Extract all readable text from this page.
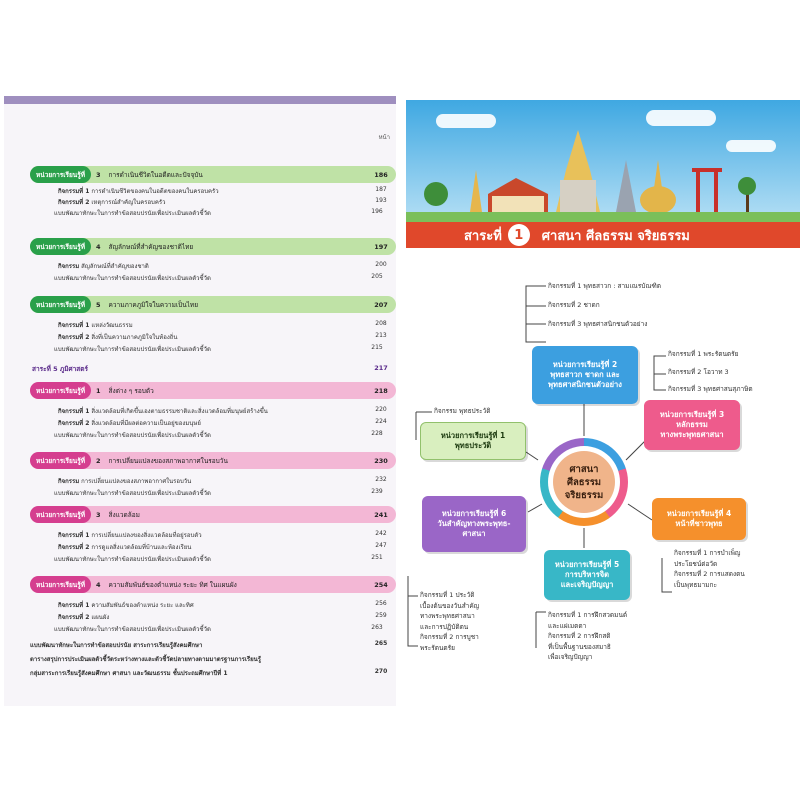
หน้า
หน่วยการเรียนรู้ที่	3 การดำเนินชีวิตในอดีตและปัจจุบัน	186
กิจกรรมที่ 1 การดำเนินชีวิตของคนในอดีตของคนในครอบครัว	187
กิจกรรมที่ 2 เหตุการณ์สำคัญในครอบครัว	193
แบบพัฒนาทักษะในการทำข้อสอบปรนัยเพื่อประเมินผลตัวชี้วัด	196
หน่วยการเรียนรู้ที่	4 สัญลักษณ์ที่สำคัญของชาติไทย	197
กิจกรรม สัญลักษณ์ที่สำคัญของชาติ	200
แบบพัฒนาทักษะในการทำข้อสอบปรนัยเพื่อประเมินผลตัวชี้วัด	205
หน่วยการเรียนรู้ที่	5 ความภาคภูมิใจในความเป็นไทย	207
กิจกรรมที่ 1 แหล่งวัฒนธรรม	208
กิจกรรมที่ 2 สิ่งที่เป็นความภาคภูมิใจในท้องถิ่น	213
แบบพัฒนาทักษะในการทำข้อสอบปรนัยเพื่อประเมินผลตัวชี้วัด	215
สาระที่ 5 ภูมิศาสตร์	217
หน่วยการเรียนรู้ที่	1 สิ่งต่าง ๆ รอบตัว	218
กิจกรรมที่ 1 สิ่งแวดล้อมที่เกิดขึ้นเองตามธรรมชาติและสิ่งแวดล้อมที่มนุษย์สร้างขึ้น	220
กิจกรรมที่ 2 สิ่งแวดล้อมที่มีผลต่อความเป็นอยู่ของมนุษย์	224
แบบพัฒนาทักษะในการทำข้อสอบปรนัยเพื่อประเมินผลตัวชี้วัด	228
หน่วยการเรียนรู้ที่	2 การเปลี่ยนแปลงของสภาพอากาศในรอบวัน	230
กิจกรรม การเปลี่ยนแปลงของสภาพอากาศในรอบวัน	232
แบบพัฒนาทักษะในการทำข้อสอบปรนัยเพื่อประเมินผลตัวชี้วัด	239
หน่วยการเรียนรู้ที่	3 สิ่งแวดล้อม	241
กิจกรรมที่ 1 การเปลี่ยนแปลงของสิ่งแวดล้อมที่อยู่รอบตัว	242
กิจกรรมที่ 2 การดูแลสิ่งแวดล้อมที่บ้านและห้องเรียน	247
แบบพัฒนาทักษะในการทำข้อสอบปรนัยเพื่อประเมินผลตัวชี้วัด	251
หน่วยการเรียนรู้ที่	4 ความสัมพันธ์ของตำแหน่ง ระยะ ทิศ ในแผนผัง	254
กิจกรรมที่ 1 ความสัมพันธ์ของตำแหน่ง ระยะ และทิศ	256
กิจกรรมที่ 2 แผนผัง	259
แบบพัฒนาทักษะในการทำข้อสอบปรนัยเพื่อประเมินผลตัวชี้วัด	263
แบบพัฒนาทักษะในการทำข้อสอบปรนัย สาระการเรียนรู้สังคมศึกษา	265
ตารางสรุปการประเมินผลตัวชี้วัดระหว่างทางและตัวชี้วัดปลายทางตามมาตรฐานการเรียนรู้
กลุ่มสาระการเรียนรู้สังคมศึกษา ศาสนา และวัฒนธรรม ชั้นประถมศึกษาปีที่ 1	270
สาระที่ 1	ศาสนา ศีลธรรม จริยธรรม
กิจกรรมที่ 1 พุทธสาวก : สามเณรบัณฑิต
กิจกรรมที่ 2 ชาดก
กิจกรรมที่ 3 พุทธศาสนิกชนตัวอย่าง
กิจกรรมที่ 1 พระรัตนตรัย
กิจกรรมที่ 2 โอวาท 3
กิจกรรมที่ 3 พุทธศาสนสุภาษิต
กิจกรรม พุทธประวัติ
กิจกรรมที่ 1 การบำเพ็ญ
ประโยชน์ต่อวัด
กิจกรรมที่ 2 การแสดงตน
เป็นพุทธมามกะ
กิจกรรมที่ 1 การฝึกสวดมนต์
และแผ่เมตตา
กิจกรรมที่ 2 การฝึกสติ
ที่เป็นพื้นฐานของสมาธิ
เพื่อเจริญปัญญา
กิจกรรมที่ 1 ประวัติ
เบื้องต้นของวันสำคัญ
ทางพระพุทธศาสนา
และการปฏิบัติตน
กิจกรรมที่ 2 การบูชา
พระรัตนตรัย
หน่วยการเรียนรู้ที่ 2
พุทธสาวก ชาดก และ
พุทธศาสนิกชนตัวอย่าง
หน่วยการเรียนรู้ที่ 3
หลักธรรม
ทางพระพุทธศาสนา
หน่วยการเรียนรู้ที่ 1
พุทธประวัติ
หน่วยการเรียนรู้ที่ 4
หน้าที่ชาวพุทธ
หน่วยการเรียนรู้ที่ 5
การบริหารจิต
และเจริญปัญญา
หน่วยการเรียนรู้ที่ 6
วันสำคัญทางพระพุทธ-
ศาสนา
ศาสนา
ศีลธรรม
จริยธรรม
